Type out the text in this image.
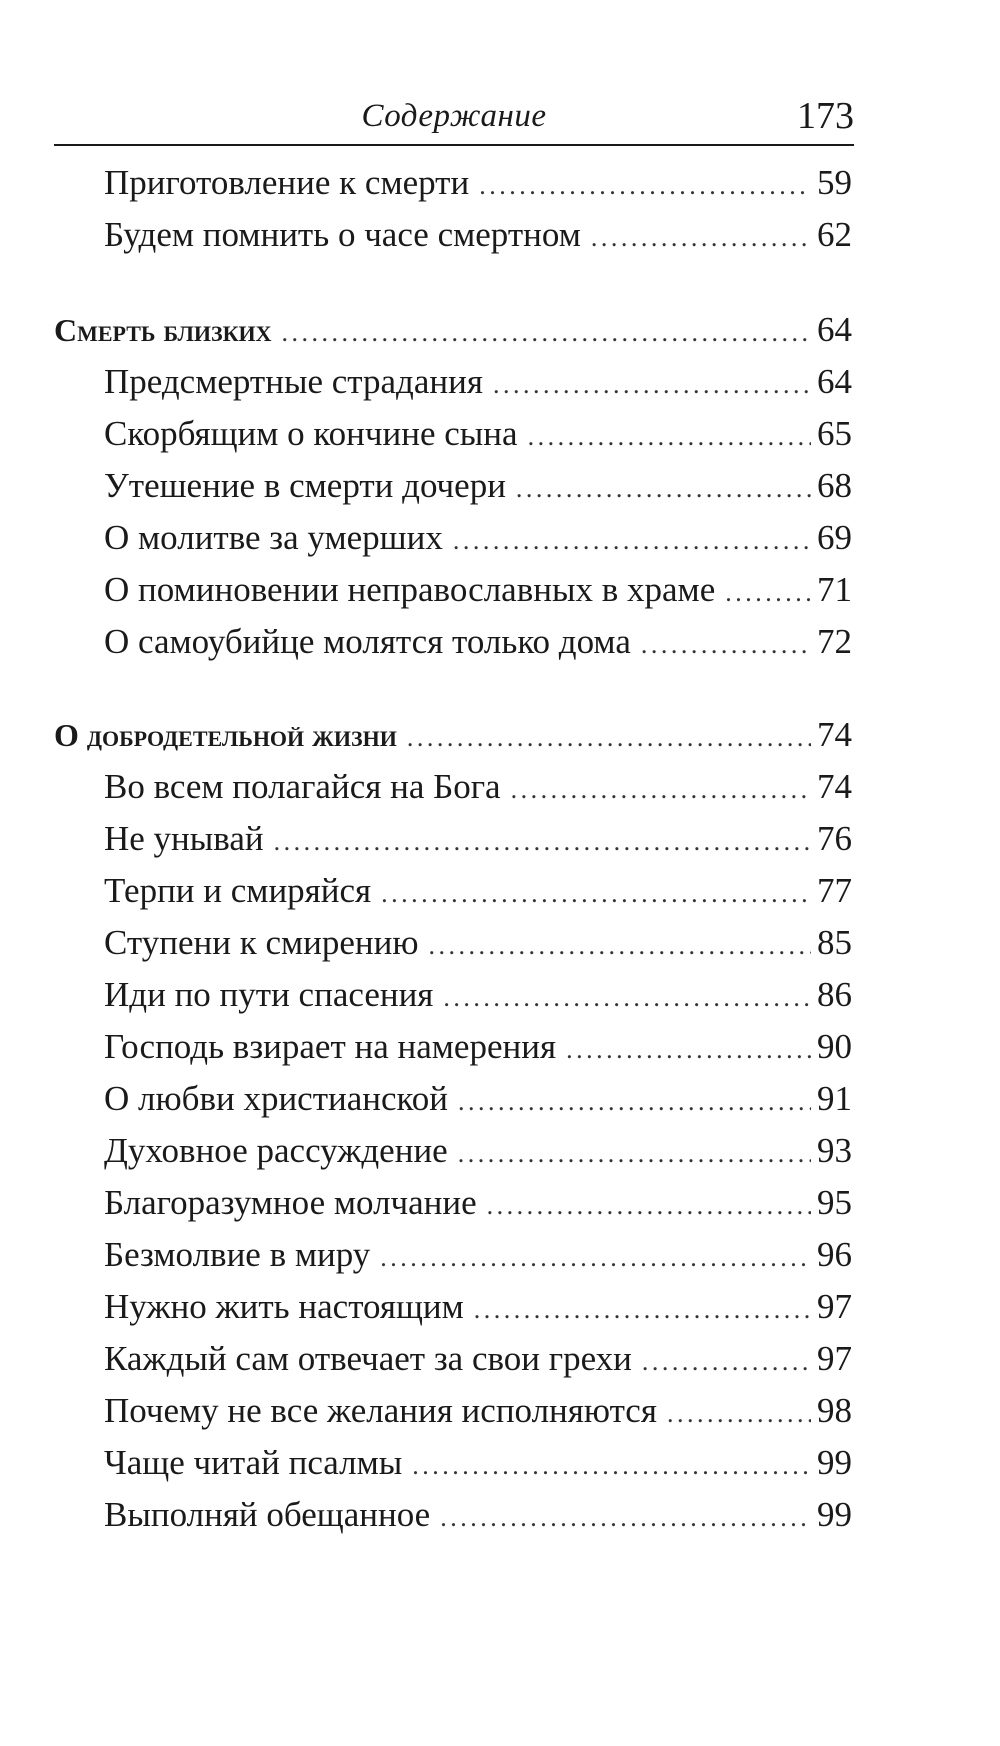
Содержание	173
Приготовление к смерти . . .	59
Будем помнить о часе смертном . . .	62
Смерть близких . . .	64
Предсмертные страдания . . .	64
Скорбящим о кончине сына . . .	65
Утешение в смерти дочери . . .	68
О молитве за умерших . . .	69
О поминовении неправославных в храме . . .	71
О самоубийце молятся только дома . . .	72
О добродетельной жизни . . .	74
Во всем полагайся на Бога . . .	74
Не унывай . . .	76
Терпи и смиряйся . . .	77
Ступени к смирению . . .	85
Иди по пути спасения . . .	86
Господь взирает на намерения . . .	90
О любви христианской . . .	91
Духовное рассуждение . . .	93
Благоразумное молчание . . .	95
Безмолвие в миру . . .	96
Нужно жить настоящим . . .	97
Каждый сам отвечает за свои грехи . . .	97
Почему не все желания исполняются . . .	98
Чаще читай псалмы . . .	99
Выполняй обещанное . . .	99
